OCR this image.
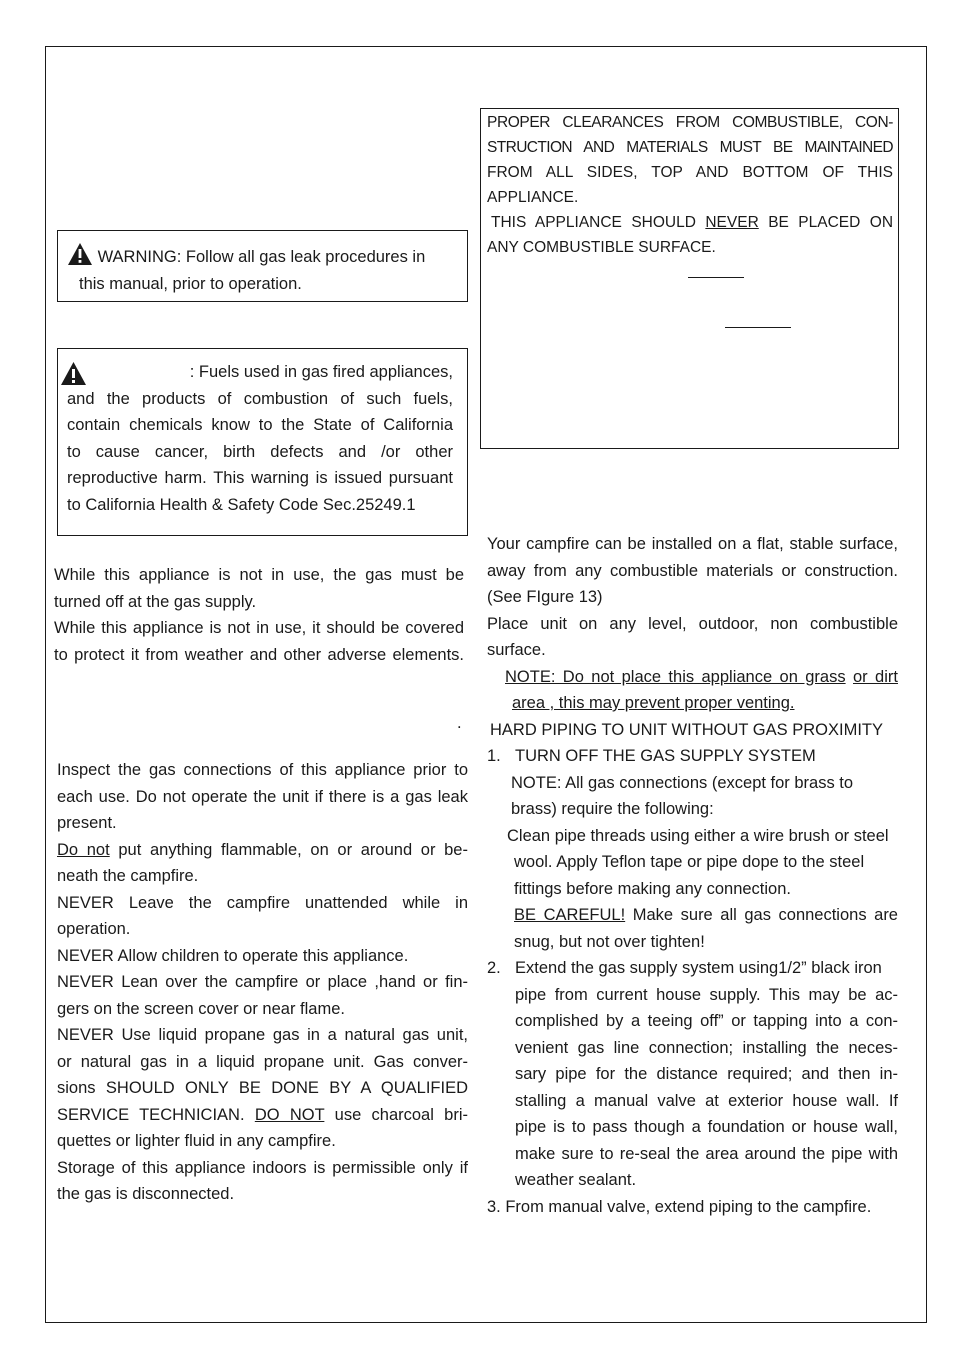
WARNING: Follow all gas leak procedures in
this manual, prior to operation.
: Fuels used in gas fired appliances,
and the products of combustion of such fuels,
contain chemicals know to the State of California
to cause cancer, birth defects and /or other
reproductive harm. This warning is issued pursuant
to California Health & Safety Code Sec.25249.1
While this appliance is not in use, the gas must be
turned off at the gas supply.
While this appliance is not in use, it should be covered
to protect it from weather and other adverse elements.
.
Inspect the gas connections of this appliance prior to
each use. Do not operate the unit if there is a gas leak
present.
Do not put anything flammable, on or around or be-
neath the campfire.
NEVER Leave the campfire unattended while in
operation.
NEVER Allow children to operate this appliance.
NEVER Lean over the campfire or place ,hand or fin-
gers on the screen cover or near flame.
NEVER Use liquid propane gas in a natural gas unit,
or natural gas in a liquid propane unit. Gas conver-
sions SHOULD ONLY BE DONE BY A QUALIFIED
SERVICE TECHNICIAN. DO NOT use charcoal bri-
quettes or lighter fluid in any campfire.
Storage of this appliance indoors is permissible only if
the gas is disconnected.
PROPER CLEARANCES FROM COMBUSTIBLE, CON-
STRUCTION AND MATERIALS MUST BE MAINTAINED
FROM ALL SIDES, TOP AND BOTTOM OF THIS
APPLIANCE.
THIS APPLIANCE SHOULD NEVER BE PLACED ON
ANY COMBUSTIBLE SURFACE.
Your campfire can be installed on a flat, stable surface,
away from any combustible materials or construction.
(See FIgure 13)
Place unit on any level, outdoor, non combustible
surface.
NOTE: Do not place this appliance on grass or dirt
area , this may prevent proper venting.
HARD PIPING TO UNIT WITHOUT GAS PROXIMITY
1. TURN OFF THE GAS SUPPLY SYSTEM
NOTE: All gas connections (except for brass to
brass) require the following:
Clean pipe threads using either a wire brush or steel
wool. Apply Teflon tape or pipe dope to the steel
fittings before making any connection.
BE CAREFUL! Make sure all gas connections are
snug, but not over tighten!
2. Extend the gas supply system using1/2” black iron
pipe from current house supply. This may be ac-
complished by a teeing off” or tapping into a con-
venient gas line connection; installing the neces-
sary pipe for the distance required; and then in-
stalling a manual valve at exterior house wall. If
pipe is to pass though a foundation or house wall,
make sure to re-seal the area around the pipe with
weather sealant.
3. From manual valve, extend piping to the campfire.
